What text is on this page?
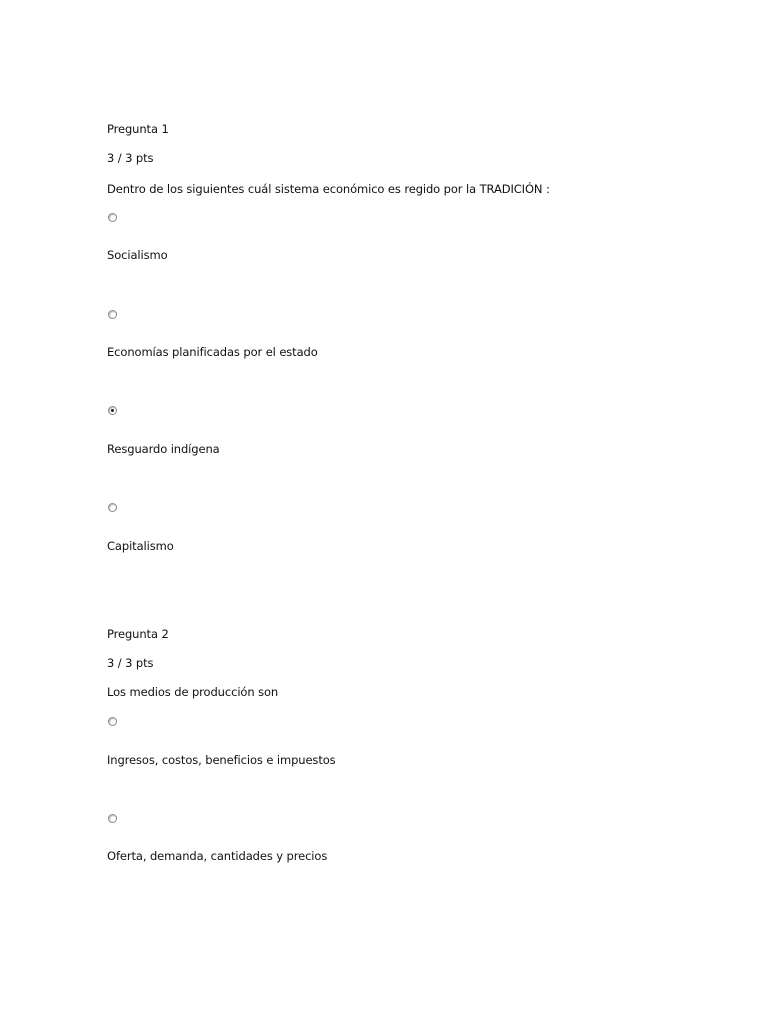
Pregunta 1
3 / 3 pts
Dentro de los siguientes cuál sistema económico es regido por la TRADICIÓN :
Socialismo
Economías planificadas por el estado
Resguardo indígena
Capitalismo
Pregunta 2
3 / 3 pts
Los medios de producción son
Ingresos, costos, beneficios e impuestos
Oferta, demanda, cantidades y precios
